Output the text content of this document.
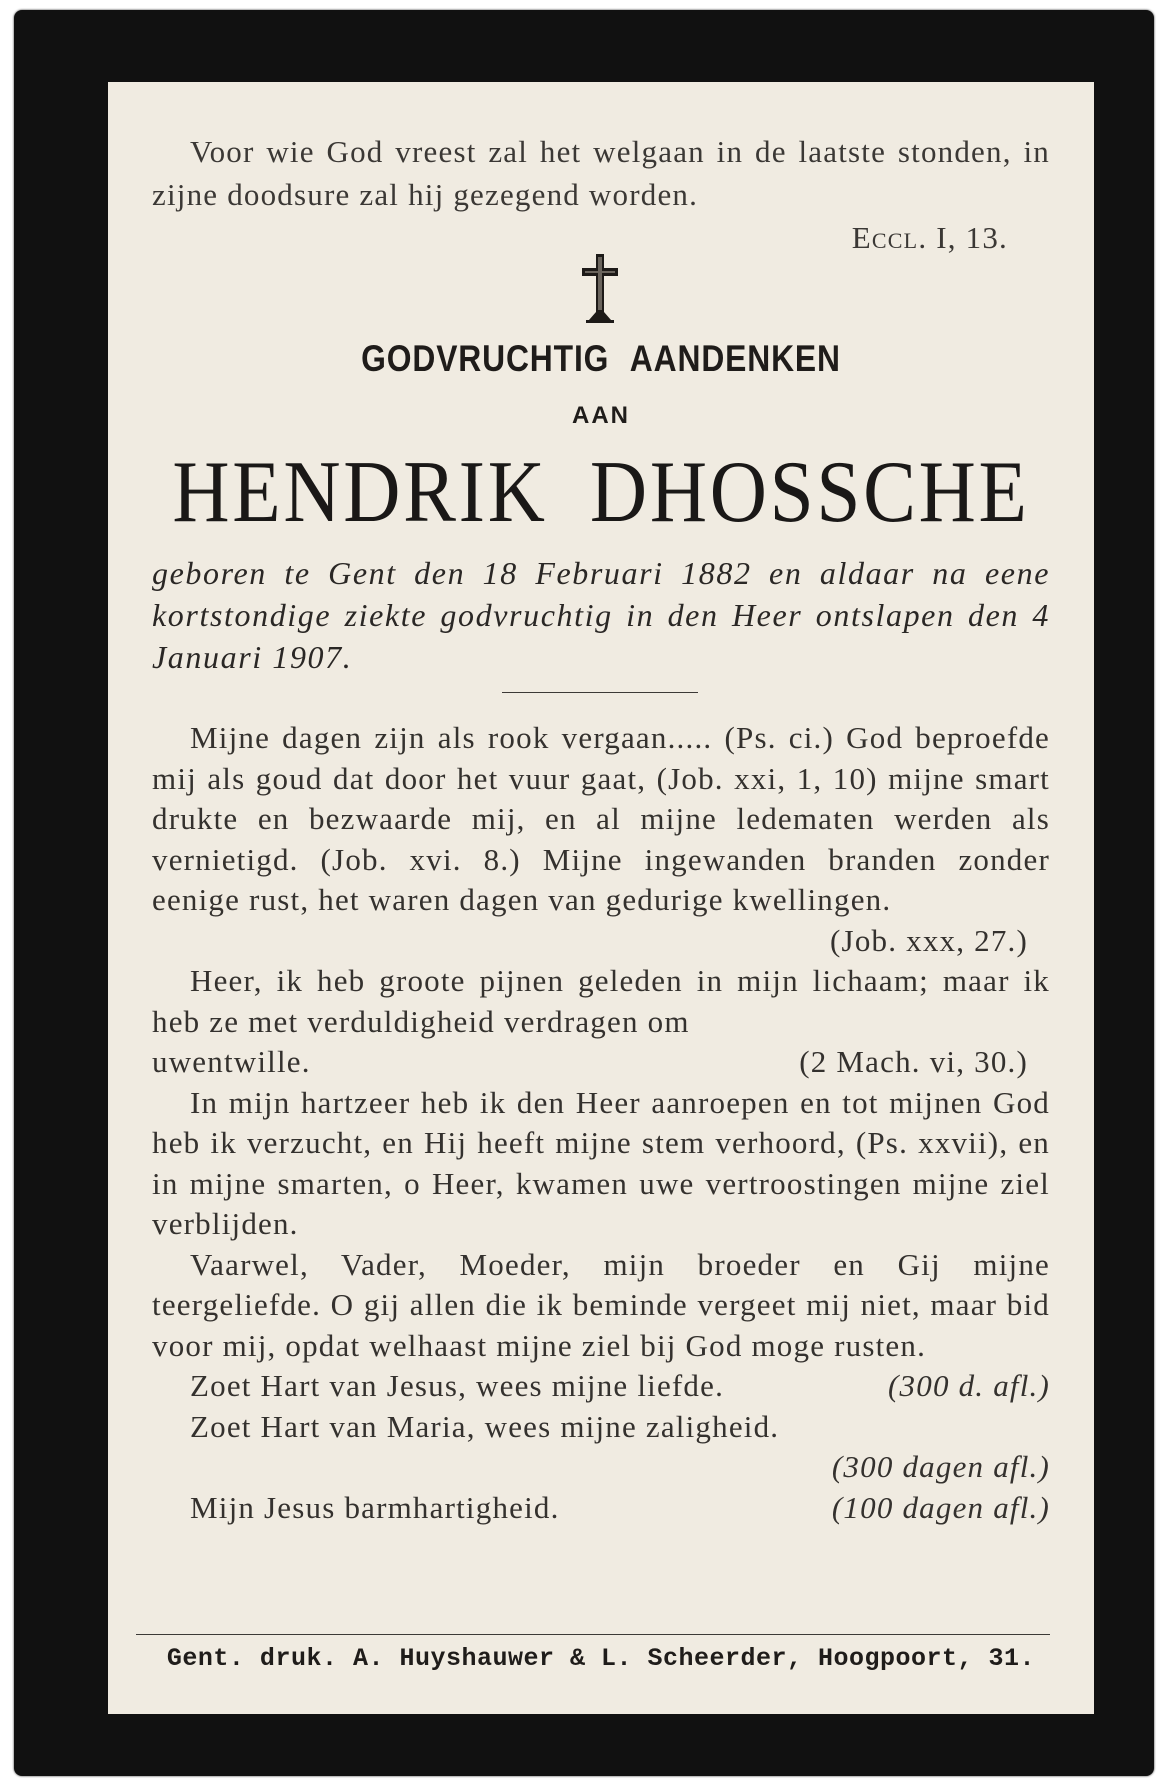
Voor wie God vreest zal het welgaan in de laatste stonden, in zijne doodsure zal hij gezegend worden.
Eccl. I, 13.
GODVRUCHTIG AANDENKEN
AAN
HENDRIK DHOSSCHE
geboren te Gent den 18 Februari 1882 en aldaar na eene kortstondige ziekte godvruchtig in den Heer ontslapen den 4 Januari 1907.

Mijne dagen zijn als rook vergaan..... (Ps. ci.) God beproefde mij als goud dat door het vuur gaat, (Job. xxi, 1, 10) mijne smart drukte en bezwaarde mij, en al mijne ledematen werden als vernietigd. (Job. xvi. 8.) Mijne ingewanden branden zonder eenige rust, het waren dagen van gedurige kwellingen.

(Job. xxx, 27.)

Heer, ik heb groote pijnen geleden in mijn lichaam; maar ik heb ze met verduldigheid verdragen om

uwentwille.	(2 Mach. vi, 30.)

In mijn hartzeer heb ik den Heer aanroepen en tot mijnen God heb ik verzucht, en Hij heeft mijne stem verhoord, (Ps. xxvii), en in mijne smarten, o Heer, kwamen uwe vertroostingen mijne ziel verblijden.

Vaarwel, Vader, Moeder, mijn broeder en Gij mijne teergeliefde. O gij allen die ik beminde vergeet mij niet, maar bid voor mij, opdat welhaast mijne ziel bij God moge rusten.

Zoet Hart van Jesus, wees mijne liefde.	(300 d. afl.)
Zoet Hart van Maria, wees mijne zaligheid.
(300 dagen afl.)
Mijn Jesus barmhartigheid.	(100 dagen afl.)
Gent. druk. A. Huyshauwer & L. Scheerder, Hoogpoort, 31.
